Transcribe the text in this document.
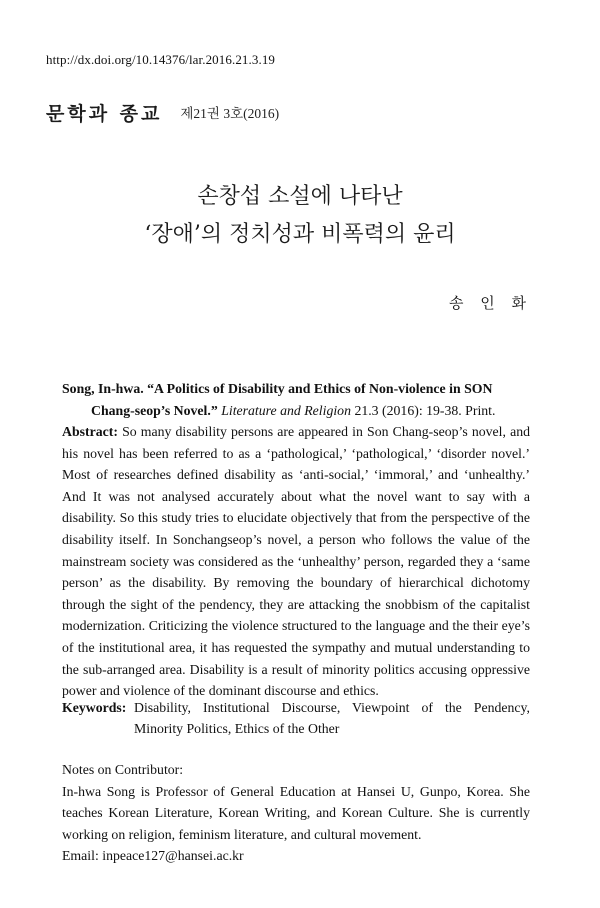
http://dx.doi.org/10.14376/lar.2016.21.3.19
문학과 종교 제21권 3호(2016)
손창섭 소설에 나타난
‘장애’의 정치성과 비폭력의 윤리
송 인 화

Song, In-hwa. “A Politics of Disability and Ethics of Non-violence in SON

Chang-seop’s Novel.” Literature and Religion 21.3 (2016): 19-38. Print.

Abstract: So many disability persons are appeared in Son Chang-seop’s novel, and his novel has been referred to as a ‘pathological,’ ‘pathological,’ ‘disorder novel.’ Most of researches defined disability as ‘anti-social,’ ‘immoral,’ and ‘unhealthy.’ And It was not analysed accurately about what the novel want to say with a disability. So this study tries to elucidate objectively that from the perspective of the disability itself. In Sonchangseop’s novel, a person who follows the value of the mainstream society was considered as the ‘unhealthy’ person, regarded they a ‘same person’ as the disability. By removing the boundary of hierarchical dichotomy through the sight of the pendency, they are attacking the snobbism of the capitalist modernization. Criticizing the violence structured to the language and the their eye’s of the institutional area, it has requested the sympathy and mutual understanding to the sub-arranged area. Disability is a result of minority politics accusing oppressive power and violence of the dominant discourse and ethics.

Keywords: Disability, Institutional Discourse, Viewpoint of the Pendency, Minority Politics, Ethics of the Other

Notes on Contributor:

In-hwa Song is Professor of General Education at Hansei U, Gunpo, Korea. She teaches Korean Literature, Korean Writing, and Korean Culture. She is currently working on religion, feminism literature, and cultural movement.

Email: inpeace127@hansei.ac.kr
